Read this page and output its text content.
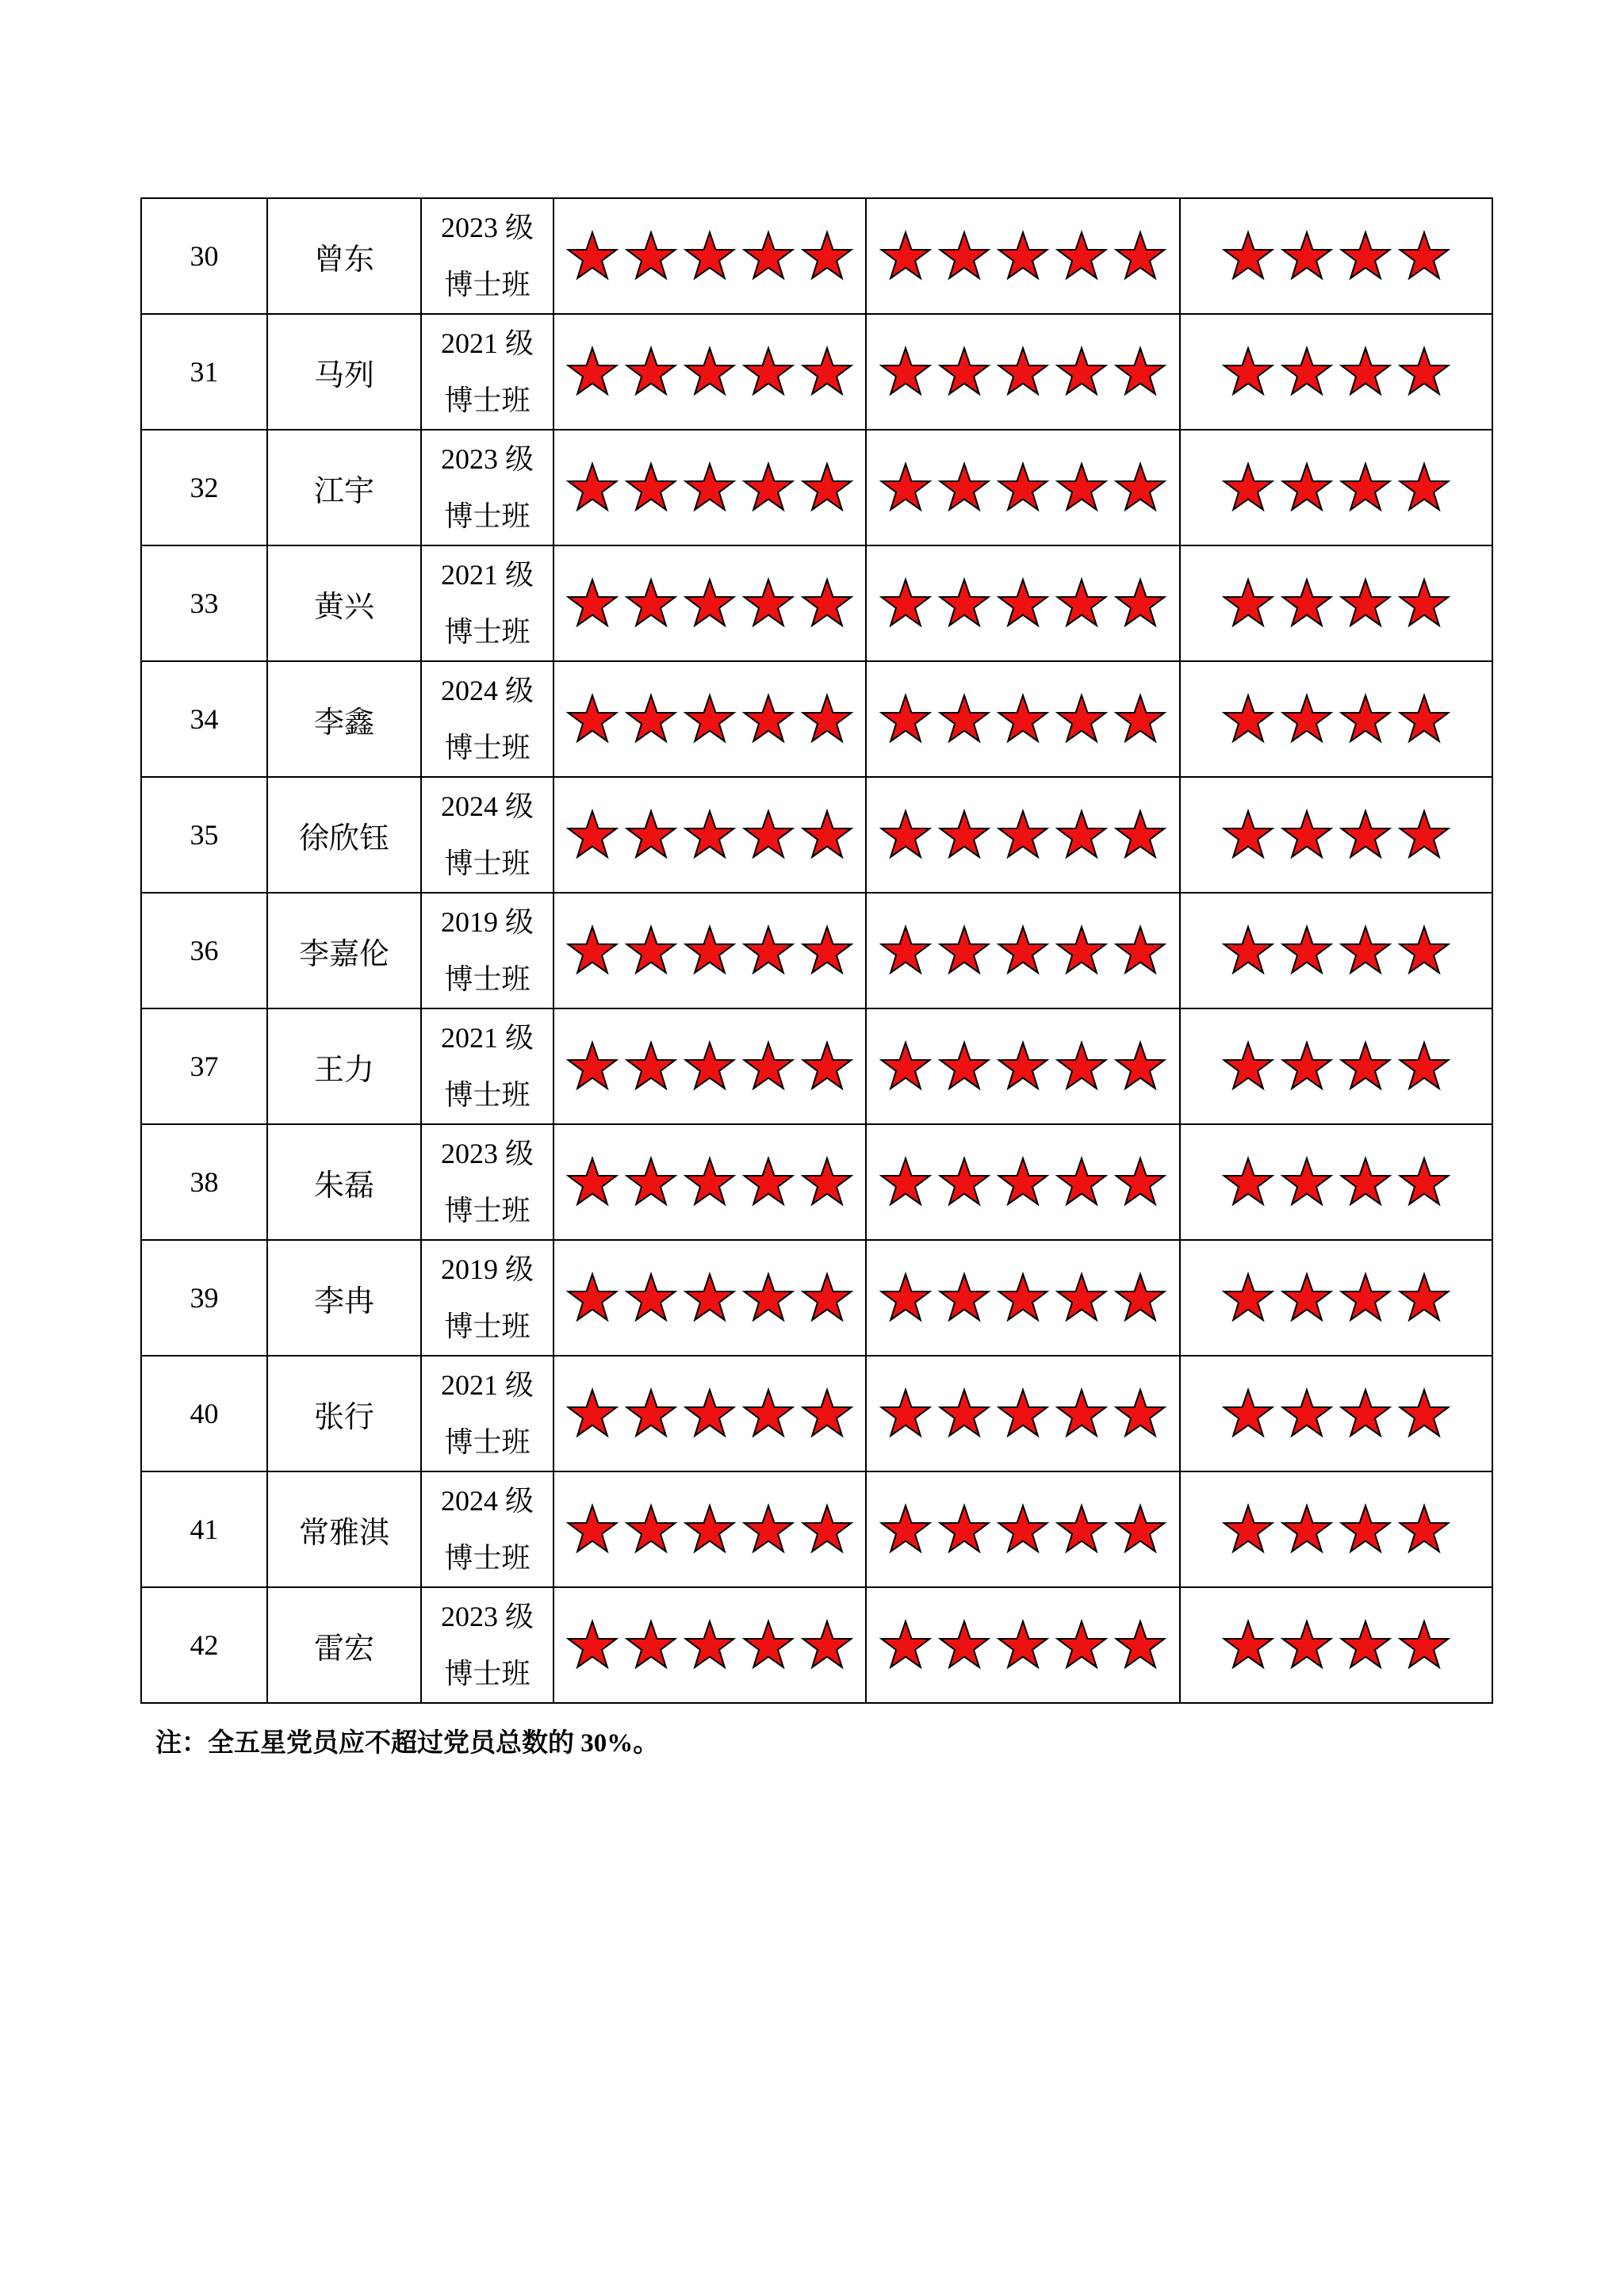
30	曾东	2023 级
博士班

31	马列	2021 级
博士班

32	江宇	2023 级
博士班

33	黄兴	2021 级
博士班

34	李鑫	2024 级
博士班

35	徐欣钰	2024 级
博士班

36	李嘉伦	2019 级
博士班

37	王力	2021 级
博士班

38	朱磊	2023 级
博士班

39	李冉	2019 级
博士班

40	张行	2021 级
博士班

41	常雅淇	2024 级
博士班

42	雷宏	2023 级
博士班

注：全五星党员应不超过党员总数的 30%。
